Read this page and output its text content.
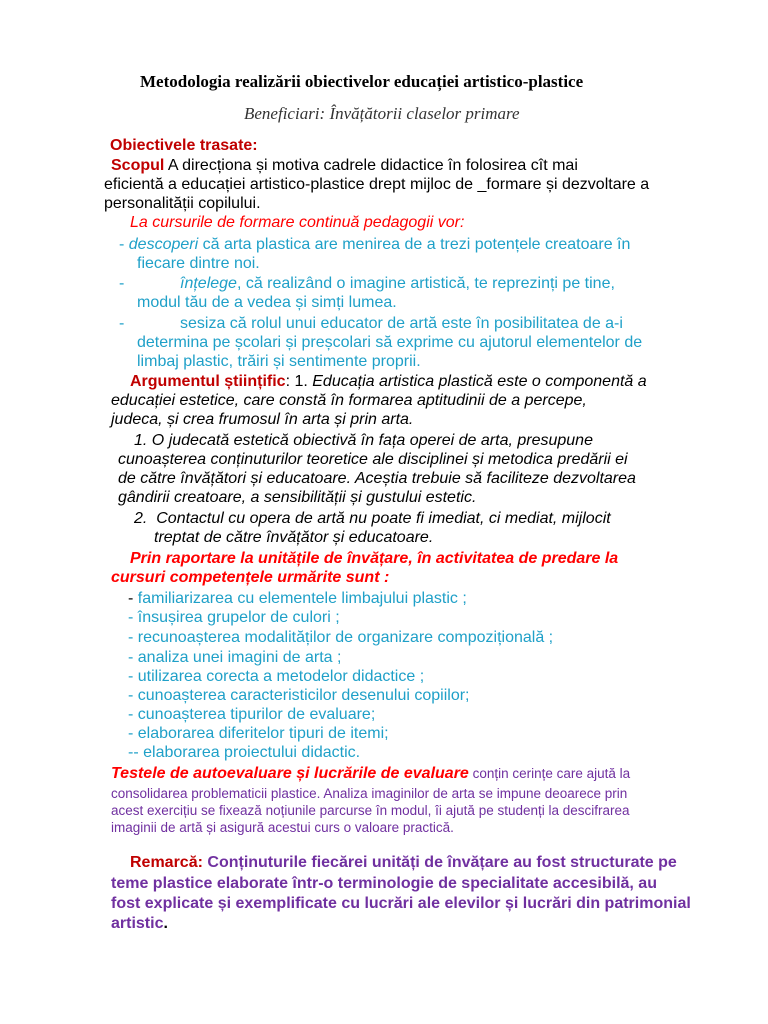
Metodologia realizării obiectivelor educației artistico-plastice
Beneficiari: Învățătorii claselor primare
Obiectivele trasate:
Scopul A direcționa și motiva cadrele didactice în folosirea cît mai
eficientă a educației artistico-plastice drept mijloc de _formare și dezvoltare a
personalității copilului.
La cursurile de formare continuă pedagogii vor:
- descoperi că arta plastica are menirea de a trezi potențele creatoare în
fiecare dintre noi.
-	înțelege, că realizând o imagine artistică, te reprezinți pe tine,
modul tău de a vedea și simți lumea.
-	sesiza că rolul unui educator de artă este în posibilitatea de a-i
determina pe școlari și preșcolari să exprime cu ajutorul elementelor de
limbaj plastic, trăiri și sentimente proprii.
Argumentul științific: 1. Educația artistica plastică este o componentă a
educației estetice, care constă în formarea aptitudinii de a percepe,
judeca, și crea frumosul în arta și prin arta.
1. O judecată estetică obiectivă în fața operei de arta, presupune
cunoașterea conținuturilor teoretice ale disciplinei și metodica predării ei
de către învățători și educatoare. Aceștia trebuie să faciliteze dezvoltarea
gândirii creatoare, a sensibilității și gustului estetic.
2. Contactul cu opera de artă nu poate fi imediat, ci mediat, mijlocit
treptat de către învățător și educatoare.
Prin raportare la unitățile de învățare, în activitatea de predare la
cursuri competențele urmărite sunt :
- familiarizarea cu elementele limbajului plastic ;
- însușirea grupelor de culori ;
- recunoașterea modalităților de organizare compozițională ;
- analiza unei imagini de arta ;
- utilizarea corecta a metodelor didactice ;
- cunoașterea caracteristicilor desenului copiilor;
- cunoașterea tipurilor de evaluare;
- elaborarea diferitelor tipuri de itemi;
-- elaborarea proiectului didactic.
Testele de autoevaluare și lucrările de evaluare conțin cerințe care ajută la
consolidarea problematicii plastice. Analiza imaginilor de arta se impune deoarece prin
acest exercițiu se fixează noțiunile parcurse în modul, îi ajută pe studenți la descifrarea
imaginii de artă și asigură acestui curs o valoare practică.
Remarcă: Conținuturile fiecărei unități de învățare au fost structurate pe
teme plastice elaborate într-o terminologie de specialitate accesibilă, au
fost explicate și exemplificate cu lucrări ale elevilor și lucrări din patrimonial
artistic.
